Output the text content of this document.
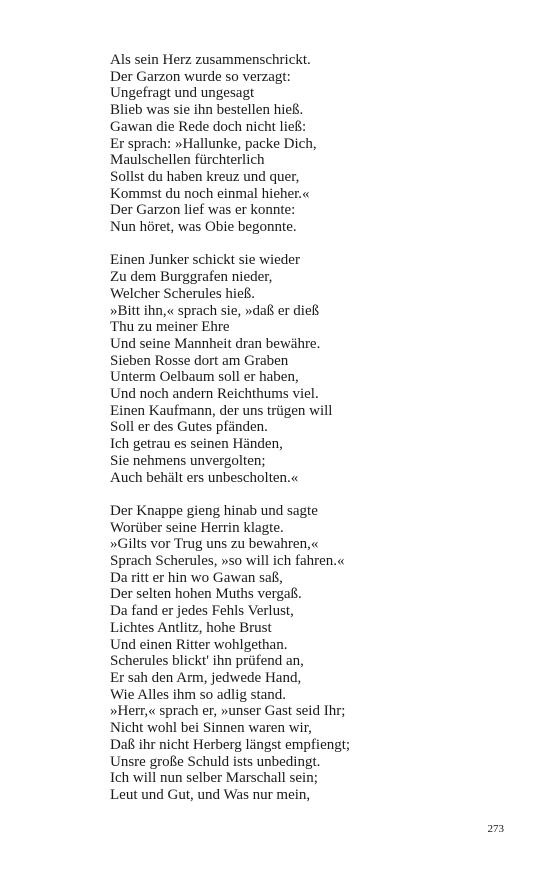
Als sein Herz zusammenschrickt.
Der Garzon wurde so verzagt:
Ungefragt und ungesagt
Blieb was sie ihn bestellen hieß.
Gawan die Rede doch nicht ließ:
Er sprach: »Hallunke, packe Dich,
Maulschellen fürchterlich
Sollst du haben kreuz und quer,
Kommst du noch einmal hieher.«
Der Garzon lief was er konnte:
Nun höret, was Obie begonnte.
Einen Junker schickt sie wieder
Zu dem Burggrafen nieder,
Welcher Scherules hieß.
»Bitt ihn,« sprach sie, »daß er dieß
Thu zu meiner Ehre
Und seine Mannheit dran bewähre.
Sieben Rosse dort am Graben
Unterm Oelbaum soll er haben,
Und noch andern Reichthums viel.
Einen Kaufmann, der uns trügen will
Soll er des Gutes pfänden.
Ich getrau es seinen Händen,
Sie nehmens unvergolten;
Auch behält ers unbescholten.«
Der Knappe gieng hinab und sagte
Worüber seine Herrin klagte.
»Gilts vor Trug uns zu bewahren,«
Sprach Scherules, »so will ich fahren.«
Da ritt er hin wo Gawan saß,
Der selten hohen Muths vergaß.
Da fand er jedes Fehls Verlust,
Lichtes Antlitz, hohe Brust
Und einen Ritter wohlgethan.
Scherules blickt' ihn prüfend an,
Er sah den Arm, jedwede Hand,
Wie Alles ihm so adlig stand.
»Herr,« sprach er, »unser Gast seid Ihr;
Nicht wohl bei Sinnen waren wir,
Daß ihr nicht Herberg längst empfiengt;
Unsre große Schuld ists unbedingt.
Ich will nun selber Marschall sein;
Leut und Gut, und Was nur mein,
273
